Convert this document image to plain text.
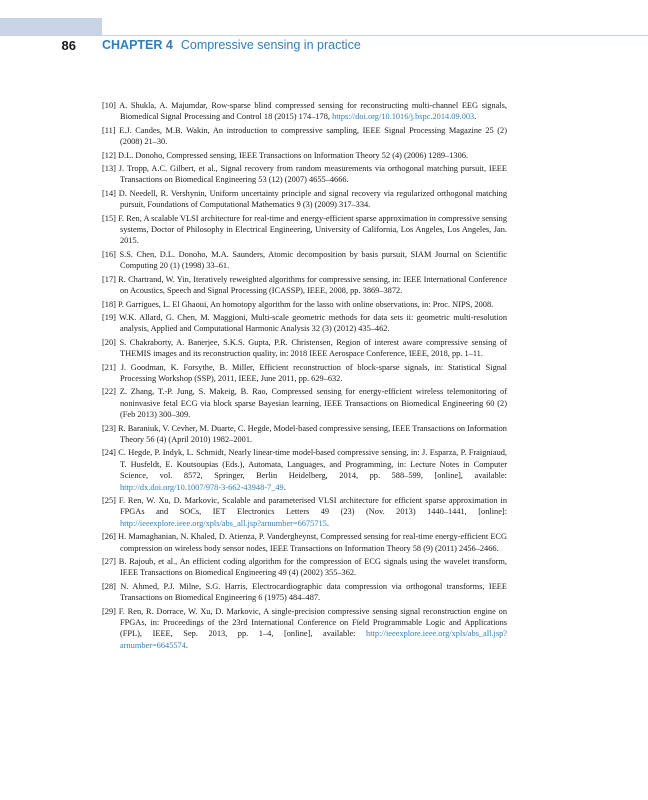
86 CHAPTER 4 Compressive sensing in practice
[10] A. Shukla, A. Majumdar, Row-sparse blind compressed sensing for reconstructing multi-channel EEG signals, Biomedical Signal Processing and Control 18 (2015) 174–178, https://doi.org/10.1016/j.bspc.2014.09.003.
[11] E.J. Candes, M.B. Wakin, An introduction to compressive sampling, IEEE Signal Processing Magazine 25 (2) (2008) 21–30.
[12] D.L. Donoho, Compressed sensing, IEEE Transactions on Information Theory 52 (4) (2006) 1289–1306.
[13] J. Tropp, A.C. Gilbert, et al., Signal recovery from random measurements via orthogonal matching pursuit, IEEE Transactions on Biomedical Engineering 53 (12) (2007) 4655–4666.
[14] D. Needell, R. Vershynin, Uniform uncertainty principle and signal recovery via regularized orthogonal matching pursuit, Foundations of Computational Mathematics 9 (3) (2009) 317–334.
[15] F. Ren, A scalable VLSI architecture for real-time and energy-efficient sparse approximation in compressive sensing systems, Doctor of Philosophy in Electrical Engineering, University of California, Los Angeles, Los Angeles, Jan. 2015.
[16] S.S. Chen, D.L. Donoho, M.A. Saunders, Atomic decomposition by basis pursuit, SIAM Journal on Scientific Computing 20 (1) (1998) 33–61.
[17] R. Chartrand, W. Yin, Iteratively reweighted algorithms for compressive sensing, in: IEEE International Conference on Acoustics, Speech and Signal Processing (ICASSP), IEEE, 2008, pp. 3869–3872.
[18] P. Garrigues, L. El Ghaoui, An homotopy algorithm for the lasso with online observations, in: Proc. NIPS, 2008.
[19] W.K. Allard, G. Chen, M. Maggioni, Multi-scale geometric methods for data sets ii: geometric multi-resolution analysis, Applied and Computational Harmonic Analysis 32 (3) (2012) 435–462.
[20] S. Chakraborty, A. Banerjee, S.K.S. Gupta, P.R. Christensen, Region of interest aware compressive sensing of THEMIS images and its reconstruction quality, in: 2018 IEEE Aerospace Conference, IEEE, 2018, pp. 1–11.
[21] J. Goodman, K. Forsythe, B. Miller, Efficient reconstruction of block-sparse signals, in: Statistical Signal Processing Workshop (SSP), 2011, IEEE, June 2011, pp. 629–632.
[22] Z. Zhang, T.-P. Jung, S. Makeig, B. Rao, Compressed sensing for energy-efficient wireless telemonitoring of noninvasive fetal ECG via block sparse Bayesian learning, IEEE Transactions on Biomedical Engineering 60 (2) (Feb 2013) 300–309.
[23] R. Baraniuk, V. Cevher, M. Duarte, C. Hegde, Model-based compressive sensing, IEEE Transactions on Information Theory 56 (4) (April 2010) 1982–2001.
[24] C. Hegde, P. Indyk, L. Schmidt, Nearly linear-time model-based compressive sensing, in: J. Esparza, P. Fraigniaud, T. Husfeldt, E. Koutsoupias (Eds.), Automata, Languages, and Programming, in: Lecture Notes in Computer Science, vol. 8572, Springer, Berlin Heidelberg, 2014, pp. 588–599, [online], available: http://dx.doi.org/10.1007/978-3-662-43948-7_49.
[25] F. Ren, W. Xu, D. Markovic, Scalable and parameterised VLSI architecture for efficient sparse approximation in FPGAs and SOCs, IET Electronics Letters 49 (23) (Nov. 2013) 1440–1441, [online]: http://ieeexplore.ieee.org/xpls/abs_all.jsp?arnumber=6675715.
[26] H. Mamaghanian, N. Khaled, D. Atienza, P. Vandergheynst, Compressed sensing for real-time energy-efficient ECG compression on wireless body sensor nodes, IEEE Transactions on Information Theory 58 (9) (2011) 2456–2466.
[27] B. Rajoub, et al., An efficient coding algorithm for the compression of ECG signals using the wavelet transform, IEEE Transactions on Biomedical Engineering 49 (4) (2002) 355–362.
[28] N. Ahmed, P.J. Milne, S.G. Harris, Electrocardiographic data compression via orthogonal transforms, IEEE Transactions on Biomedical Engineering 6 (1975) 484–487.
[29] F. Ren, R. Dorrace, W. Xu, D. Markovic, A single-precision compressive sensing signal reconstruction engine on FPGAs, in: Proceedings of the 23rd International Conference on Field Programmable Logic and Applications (FPL), IEEE, Sep. 2013, pp. 1–4, [online], available: http://ieeexplore.ieee.org/xpls/abs_all.jsp?arnumber=6645574.
